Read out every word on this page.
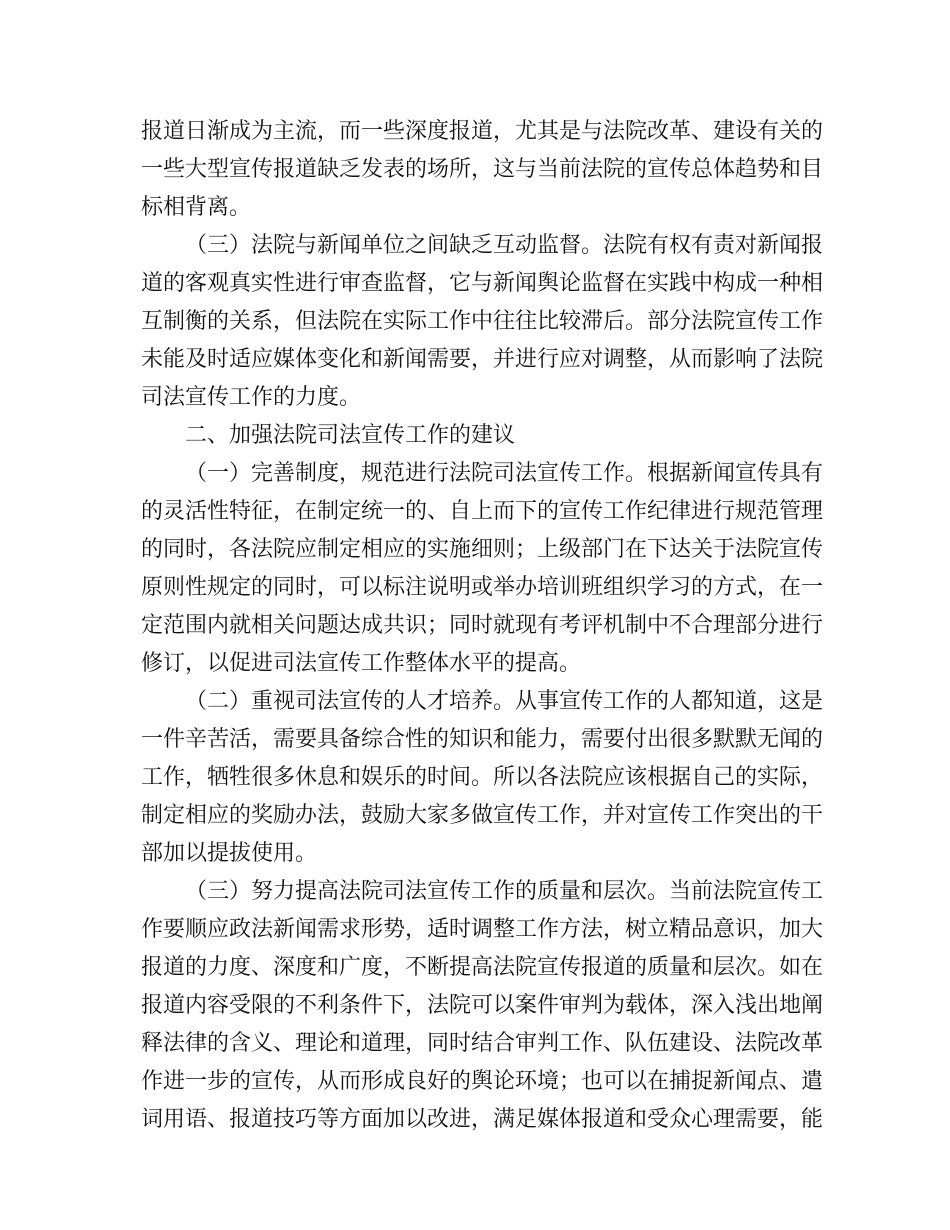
报道日渐成为主流，而一些深度报道，尤其是与法院改革、建设有关的
一些大型宣传报道缺乏发表的场所，这与当前法院的宣传总体趋势和目
标相背离。
（三）法院与新闻单位之间缺乏互动监督。法院有权有责对新闻报
道的客观真实性进行审查监督，它与新闻舆论监督在实践中构成一种相
互制衡的关系，但法院在实际工作中往往比较滞后。部分法院宣传工作
未能及时适应媒体变化和新闻需要，并进行应对调整，从而影响了法院
司法宣传工作的力度。
二、加强法院司法宣传工作的建议
（一）完善制度，规范进行法院司法宣传工作。根据新闻宣传具有
的灵活性特征，在制定统一的、自上而下的宣传工作纪律进行规范管理
的同时，各法院应制定相应的实施细则；上级部门在下达关于法院宣传
原则性规定的同时，可以标注说明或举办培训班组织学习的方式，在一
定范围内就相关问题达成共识；同时就现有考评机制中不合理部分进行
修订，以促进司法宣传工作整体水平的提高。
（二）重视司法宣传的人才培养。从事宣传工作的人都知道，这是
一件辛苦活，需要具备综合性的知识和能力，需要付出很多默默无闻的
工作，牺牲很多休息和娱乐的时间。所以各法院应该根据自己的实际，
制定相应的奖励办法，鼓励大家多做宣传工作，并对宣传工作突出的干
部加以提拔使用。
（三）努力提高法院司法宣传工作的质量和层次。当前法院宣传工
作要顺应政法新闻需求形势，适时调整工作方法，树立精品意识，加大
报道的力度、深度和广度，不断提高法院宣传报道的质量和层次。如在
报道内容受限的不利条件下，法院可以案件审判为载体，深入浅出地阐
释法律的含义、理论和道理，同时结合审判工作、队伍建设、法院改革
作进一步的宣传，从而形成良好的舆论环境；也可以在捕捉新闻点、遣
词用语、报道技巧等方面加以改进，满足媒体报道和受众心理需要，能
